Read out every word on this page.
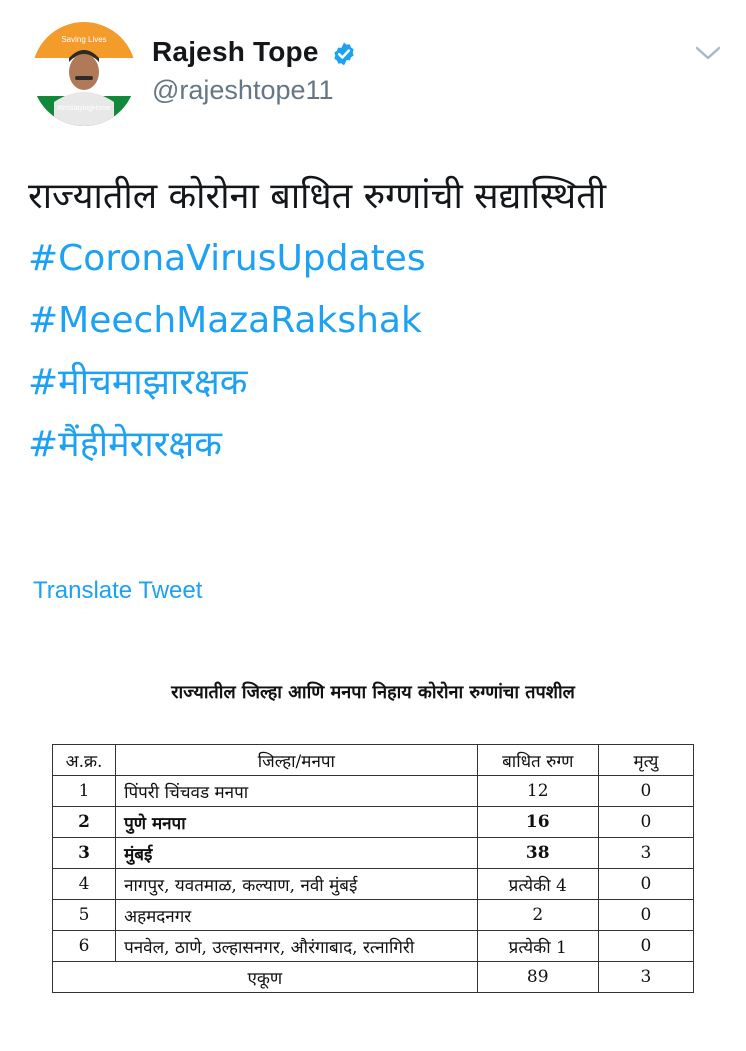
Saving Lives
#ImStayingHome
Rajesh Tope
@rajeshtope11
राज्यातील कोरोना बाधित रुग्णांची सद्यास्थिती
#CoronaVirusUpdates
#MeechMazaRakshak
#मीचमाझारक्षक
#मैंहीमेरारक्षक
Translate Tweet
राज्यातील जिल्हा आणि मनपा निहाय कोरोना रुग्णांचा तपशील
अ.क्र.	जिल्हा/मनपा	बाधित रुग्ण	मृत्यु
1	पिंपरी चिंचवड मनपा	12	0
2	पुणे मनपा	16	0
3	मुंबई	38	3
4	नागपुर, यवतमाळ, कल्याण, नवी मुंबई	प्रत्येकी 4	0
5	अहमदनगर	2	0
6	पनवेल, ठाणे, उल्हासनगर, औरंगाबाद, रत्नागिरी	प्रत्येकी 1	0
एकूण		89	3
